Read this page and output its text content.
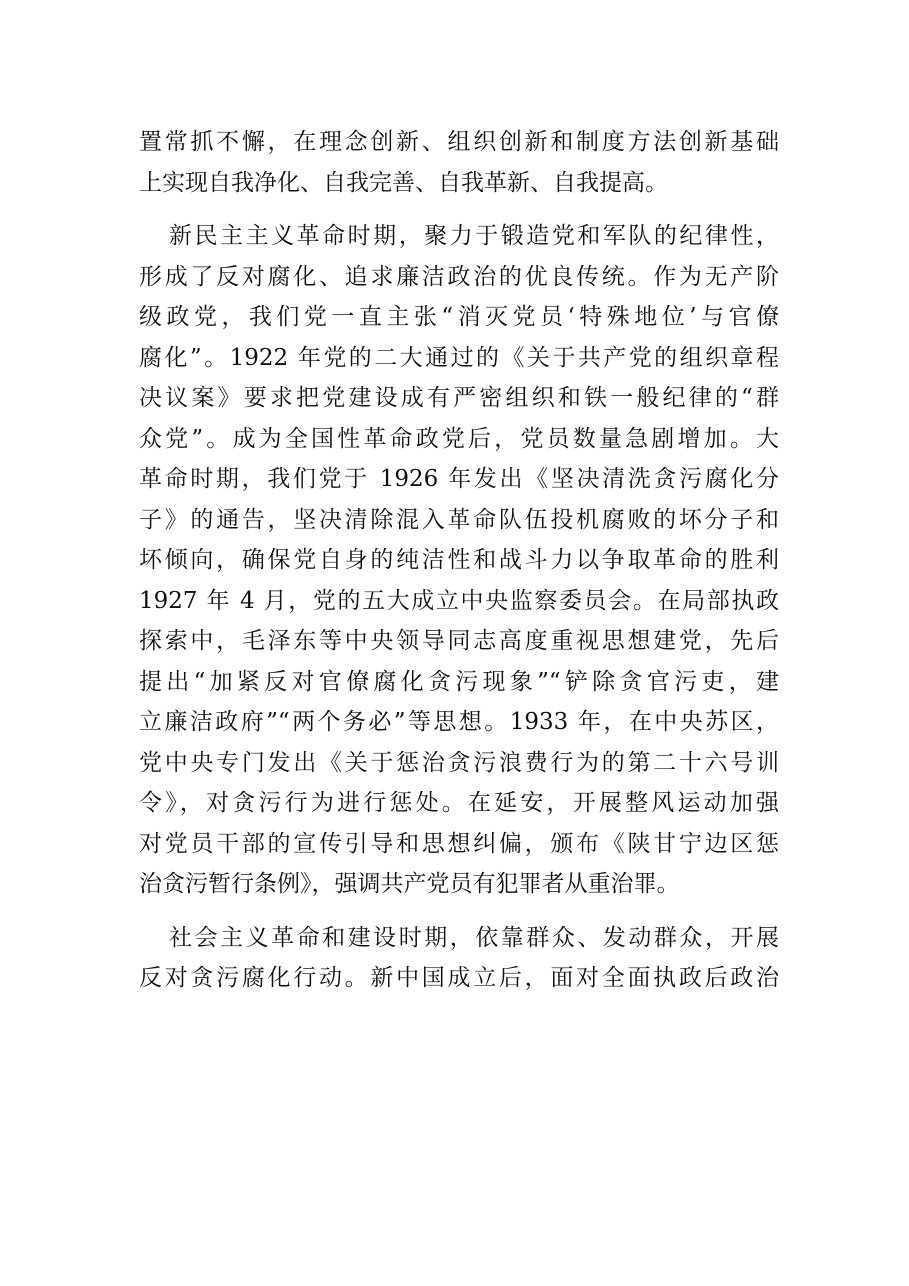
置常抓不懈，在理念创新、组织创新和制度方法创新基础
上实现自我净化、自我完善、自我革新、自我提高。
新民主主义革命时期，聚力于锻造党和军队的纪律性，
形成了反对腐化、追求廉洁政治的优良传统。作为无产阶
级政党，我们党一直主张“消灭党员‘特殊地位’与官僚
腐化”。1922 年党的二大通过的《关于共产党的组织章程
决议案》要求把党建设成有严密组织和铁一般纪律的“群
众党”。成为全国性革命政党后，党员数量急剧增加。大
革命时期，我们党于 1926 年发出《坚决清洗贪污腐化分
子》的通告，坚决清除混入革命队伍投机腐败的坏分子和
坏倾向，确保党自身的纯洁性和战斗力以争取革命的胜利
1927 年 4 月，党的五大成立中央监察委员会。在局部执政
探索中，毛泽东等中央领导同志高度重视思想建党，先后
提出“加紧反对官僚腐化贪污现象”“铲除贪官污吏，建
立廉洁政府”“两个务必”等思想。1933 年，在中央苏区，
党中央专门发出《关于惩治贪污浪费行为的第二十六号训
令》，对贪污行为进行惩处。在延安，开展整风运动加强
对党员干部的宣传引导和思想纠偏，颁布《陕甘宁边区惩
治贪污暂行条例》，强调共产党员有犯罪者从重治罪。
社会主义革命和建设时期，依靠群众、发动群众，开展
反对贪污腐化行动。新中国成立后，面对全面执政后政治
